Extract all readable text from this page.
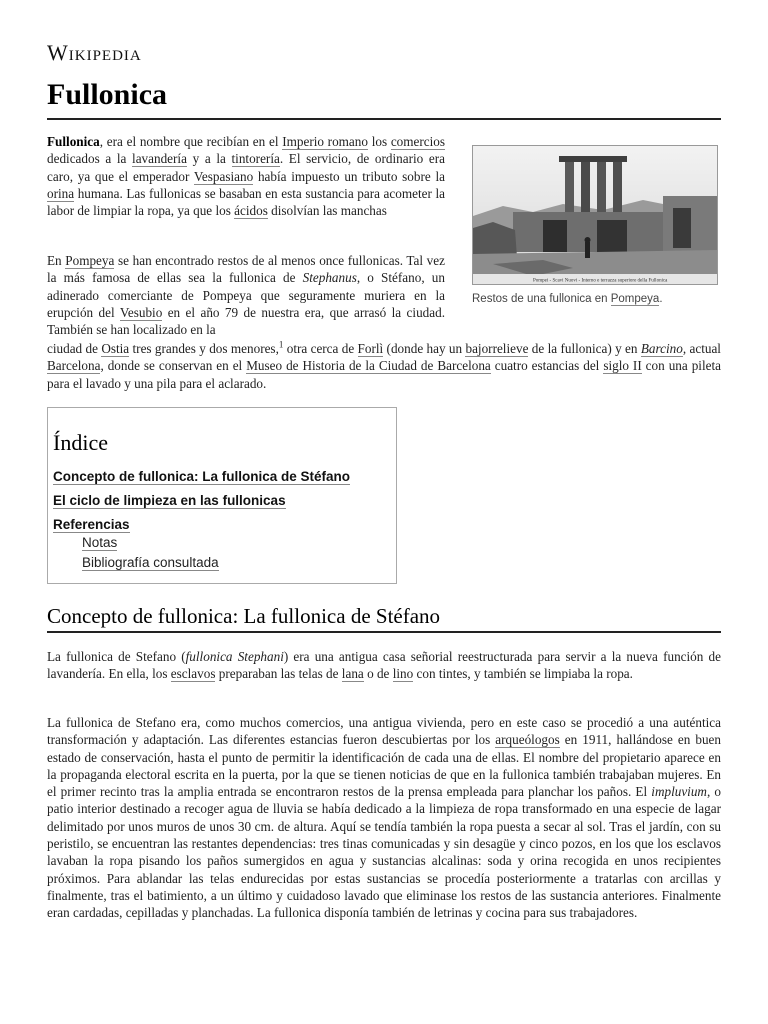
Wikipedia
Fullonica
Pompei - Scavi Nuovi - Interno e terrazza superiore della Fullonica
Restos de una fullonica en Pompeya.

Fullonica, era el nombre que recibían en el Imperio romano los comercios dedicados a la lavandería y a la tintorería. El servicio, de ordinario era caro, ya que el emperador Vespasiano había impuesto un tributo sobre la orina humana. Las fullonicas se basaban en esta sustancia para acometer la labor de limpiar la ropa, ya que los ácidos disolvían las manchas

En Pompeya se han encontrado restos de al menos once fullonicas. Tal vez la más famosa de ellas sea la fullonica de Stephanus, o Stéfano, un adinerado comerciante de Pompeya que seguramente muriera en la erupción del Vesubio en el año 79 de nuestra era, que arrasó la ciudad. También se han localizado en la

ciudad de Ostia tres grandes y dos menores,$^1$ otra cerca de Forlì (donde hay un bajorrelieve de la fullonica) y en Barcino, actual Barcelona, donde se conservan en el Museo de Historia de la Ciudad de Barcelona cuatro estancias del siglo II con una pileta para el lavado y una pila para el aclarado.

Índice
Concepto de fullonica: La fullonica de Stéfano
El ciclo de limpieza en las fullonicas
Referencias
Notas
Bibliografía consultada
Concepto de fullonica: La fullonica de Stéfano

La fullonica de Stefano (fullonica Stephani) era una antigua casa señorial reestructurada para servir a la nueva función de lavandería. En ella, los esclavos preparaban las telas de lana o de lino con tintes, y también se limpiaba la ropa.

La fullonica de Stefano era, como muchos comercios, una antigua vivienda, pero en este caso se procedió a una auténtica transformación y adaptación. Las diferentes estancias fueron descubiertas por los arqueólogos en 1911, hallándose en buen estado de conservación, hasta el punto de permitir la identificación de cada una de ellas. El nombre del propietario aparece en la propaganda electoral escrita en la puerta, por la que se tienen noticias de que en la fullonica también trabajaban mujeres. En el primer recinto tras la amplia entrada se encontraron restos de la prensa empleada para planchar los paños. El impluvium, o patio interior destinado a recoger agua de lluvia se había dedicado a la limpieza de ropa transformado en una especie de lagar delimitado por unos muros de unos 30 cm. de altura. Aquí se tendía también la ropa puesta a secar al sol. Tras el jardín, con su peristilo, se encuentran las restantes dependencias: tres tinas comunicadas y sin desagüe y cinco pozos, en los que los esclavos lavaban la ropa pisando los paños sumergidos en agua y sustancias alcalinas: soda y orina recogida en unos recipientes próximos. Para ablandar las telas endurecidas por estas sustancias se procedía posteriormente a tratarlas con arcillas y finalmente, tras el batimiento, a un último y cuidadoso lavado que eliminase los restos de las sustancia anteriores. Finalmente eran cardadas, cepilladas y planchadas. La fullonica disponía también de letrinas y cocina para sus trabajadores.
